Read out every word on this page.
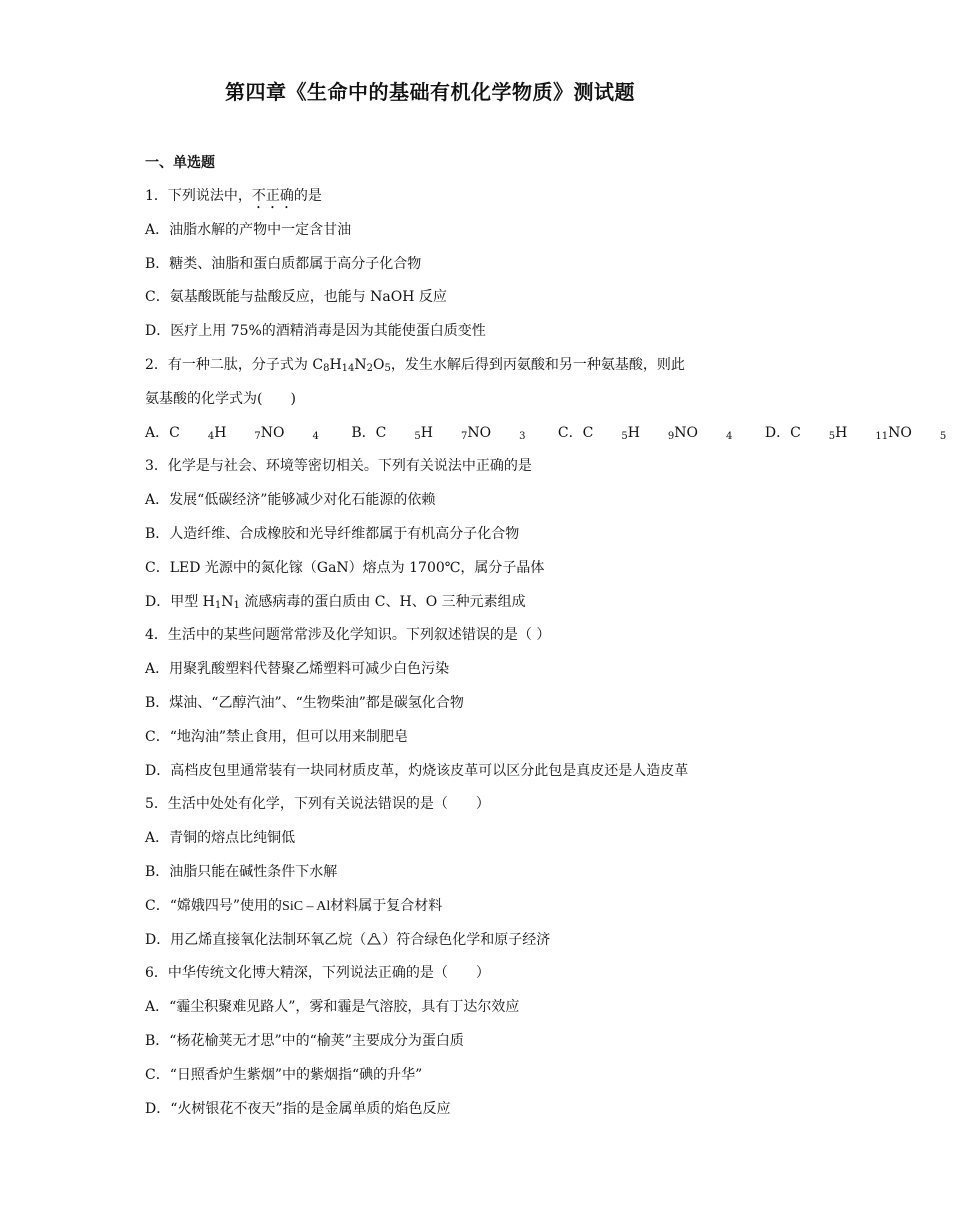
第四章《生命中的基础有机化学物质》测试题
一、单选题
1．下列说法中，不正确的是
A．油脂水解的产物中一定含甘油
B．糖类、油脂和蛋白质都属于高分子化合物
C．氨基酸既能与盐酸反应，也能与 NaOH 反应
D．医疗上用 75%的酒精消毒是因为其能使蛋白质变性
2．有一种二肽，分子式为 $C_8H_{14}N_2O_5$，发生水解后得到丙氨酸和另一种氨基酸，则此
氨基酸的化学式为(　　)
A．C	$_4$H	$_7$NO	$_4$ B．C	$_5$H	$_7$NO	$_3$ C．C	$_5$H	$_9$NO	$_4$ D．C	$_5$H	$_{11}$NO	$_5$
3．化学是与社会、环境等密切相关。下列有关说法中正确的是
A．发展“低碳经济”能够减少对化石能源的依赖
B．人造纤维、合成橡胶和光导纤维都属于有机高分子化合物
C．LED 光源中的氮化镓（GaN）熔点为 1700℃，属分子晶体
D．甲型 $H_1N_1$ 流感病毒的蛋白质由 C、H、O 三种元素组成
4．生活中的某些问题常常涉及化学知识。下列叙述错误的是（ ）
A．用聚乳酸塑料代替聚乙烯塑料可减少白色污染
B．煤油、“乙醇汽油”、“生物柴油”都是碳氢化合物
C．“地沟油”禁止食用，但可以用来制肥皂
D．高档皮包里通常装有一块同材质皮革，灼烧该皮革可以区分此包是真皮还是人造皮革
5．生活中处处有化学，下列有关说法错误的是（　　）
A．青铜的熔点比纯铜低
B．油脂只能在碱性条件下水解
C．“嫦娥四号”使用的SiC – Al材料属于复合材料
D．用乙烯直接氧化法制环氧乙烷（ ）符合绿色化学和原子经济
6．中华传统文化博大精深，下列说法正确的是（　　）
A．“霾尘积聚难见路人”，雾和霾是气溶胶，具有丁达尔效应
B．“杨花榆荚无才思”中的“榆荚”主要成分为蛋白质
C．“日照香炉生紫烟”中的紫烟指“碘的升华”
D．“火树银花不夜天”指的是金属单质的焰色反应
